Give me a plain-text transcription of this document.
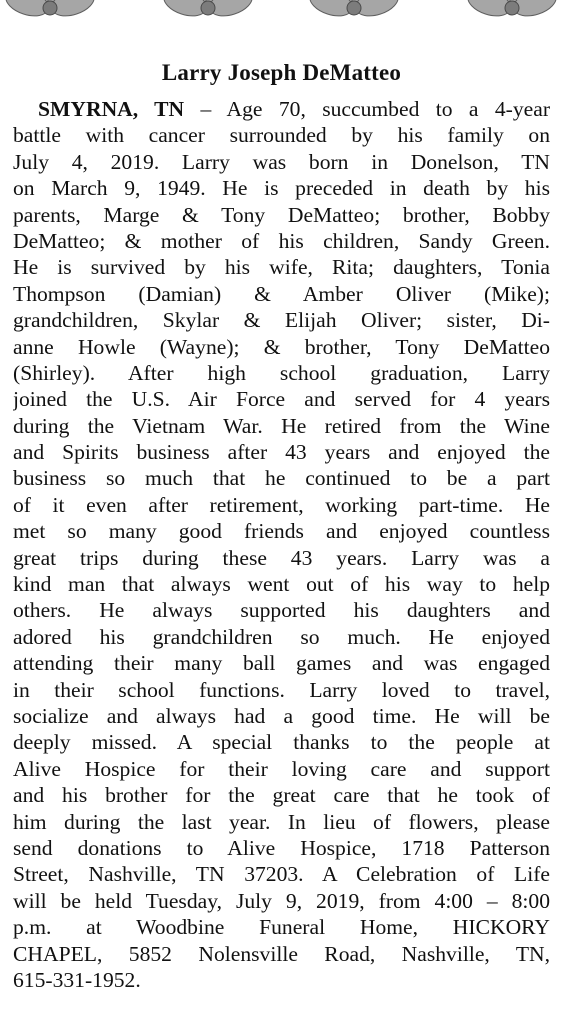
Larry Joseph DeMatteo
SMYRNA, TN – Age 70, succumbed to a 4-year
battle with cancer surrounded by his family on
July 4, 2019. Larry was born in Donelson, TN
on March 9, 1949. He is preceded in death by his
parents, Marge & Tony DeMatteo; brother, Bobby
DeMatteo; & mother of his children, Sandy Green.
He is survived by his wife, Rita; daughters, Tonia
Thompson (Damian) & Amber Oliver (Mike);
grandchildren, Skylar & Elijah Oliver; sister, Di-
anne Howle (Wayne); & brother, Tony DeMatteo
(Shirley). After high school graduation, Larry
joined the U.S. Air Force and served for 4 years
during the Vietnam War. He retired from the Wine
and Spirits business after 43 years and enjoyed the
business so much that he continued to be a part
of it even after retirement, working part-time. He
met so many good friends and enjoyed countless
great trips during these 43 years. Larry was a
kind man that always went out of his way to help
others. He always supported his daughters and
adored his grandchildren so much. He enjoyed
attending their many ball games and was engaged
in their school functions. Larry loved to travel,
socialize and always had a good time. He will be
deeply missed. A special thanks to the people at
Alive Hospice for their loving care and support
and his brother for the great care that he took of
him during the last year. In lieu of flowers, please
send donations to Alive Hospice, 1718 Patterson
Street, Nashville, TN 37203. A Celebration of Life
will be held Tuesday, July 9, 2019, from 4:00 – 8:00
p.m. at Woodbine Funeral Home, HICKORY
CHAPEL, 5852 Nolensville Road, Nashville, TN,
615-331-1952.
